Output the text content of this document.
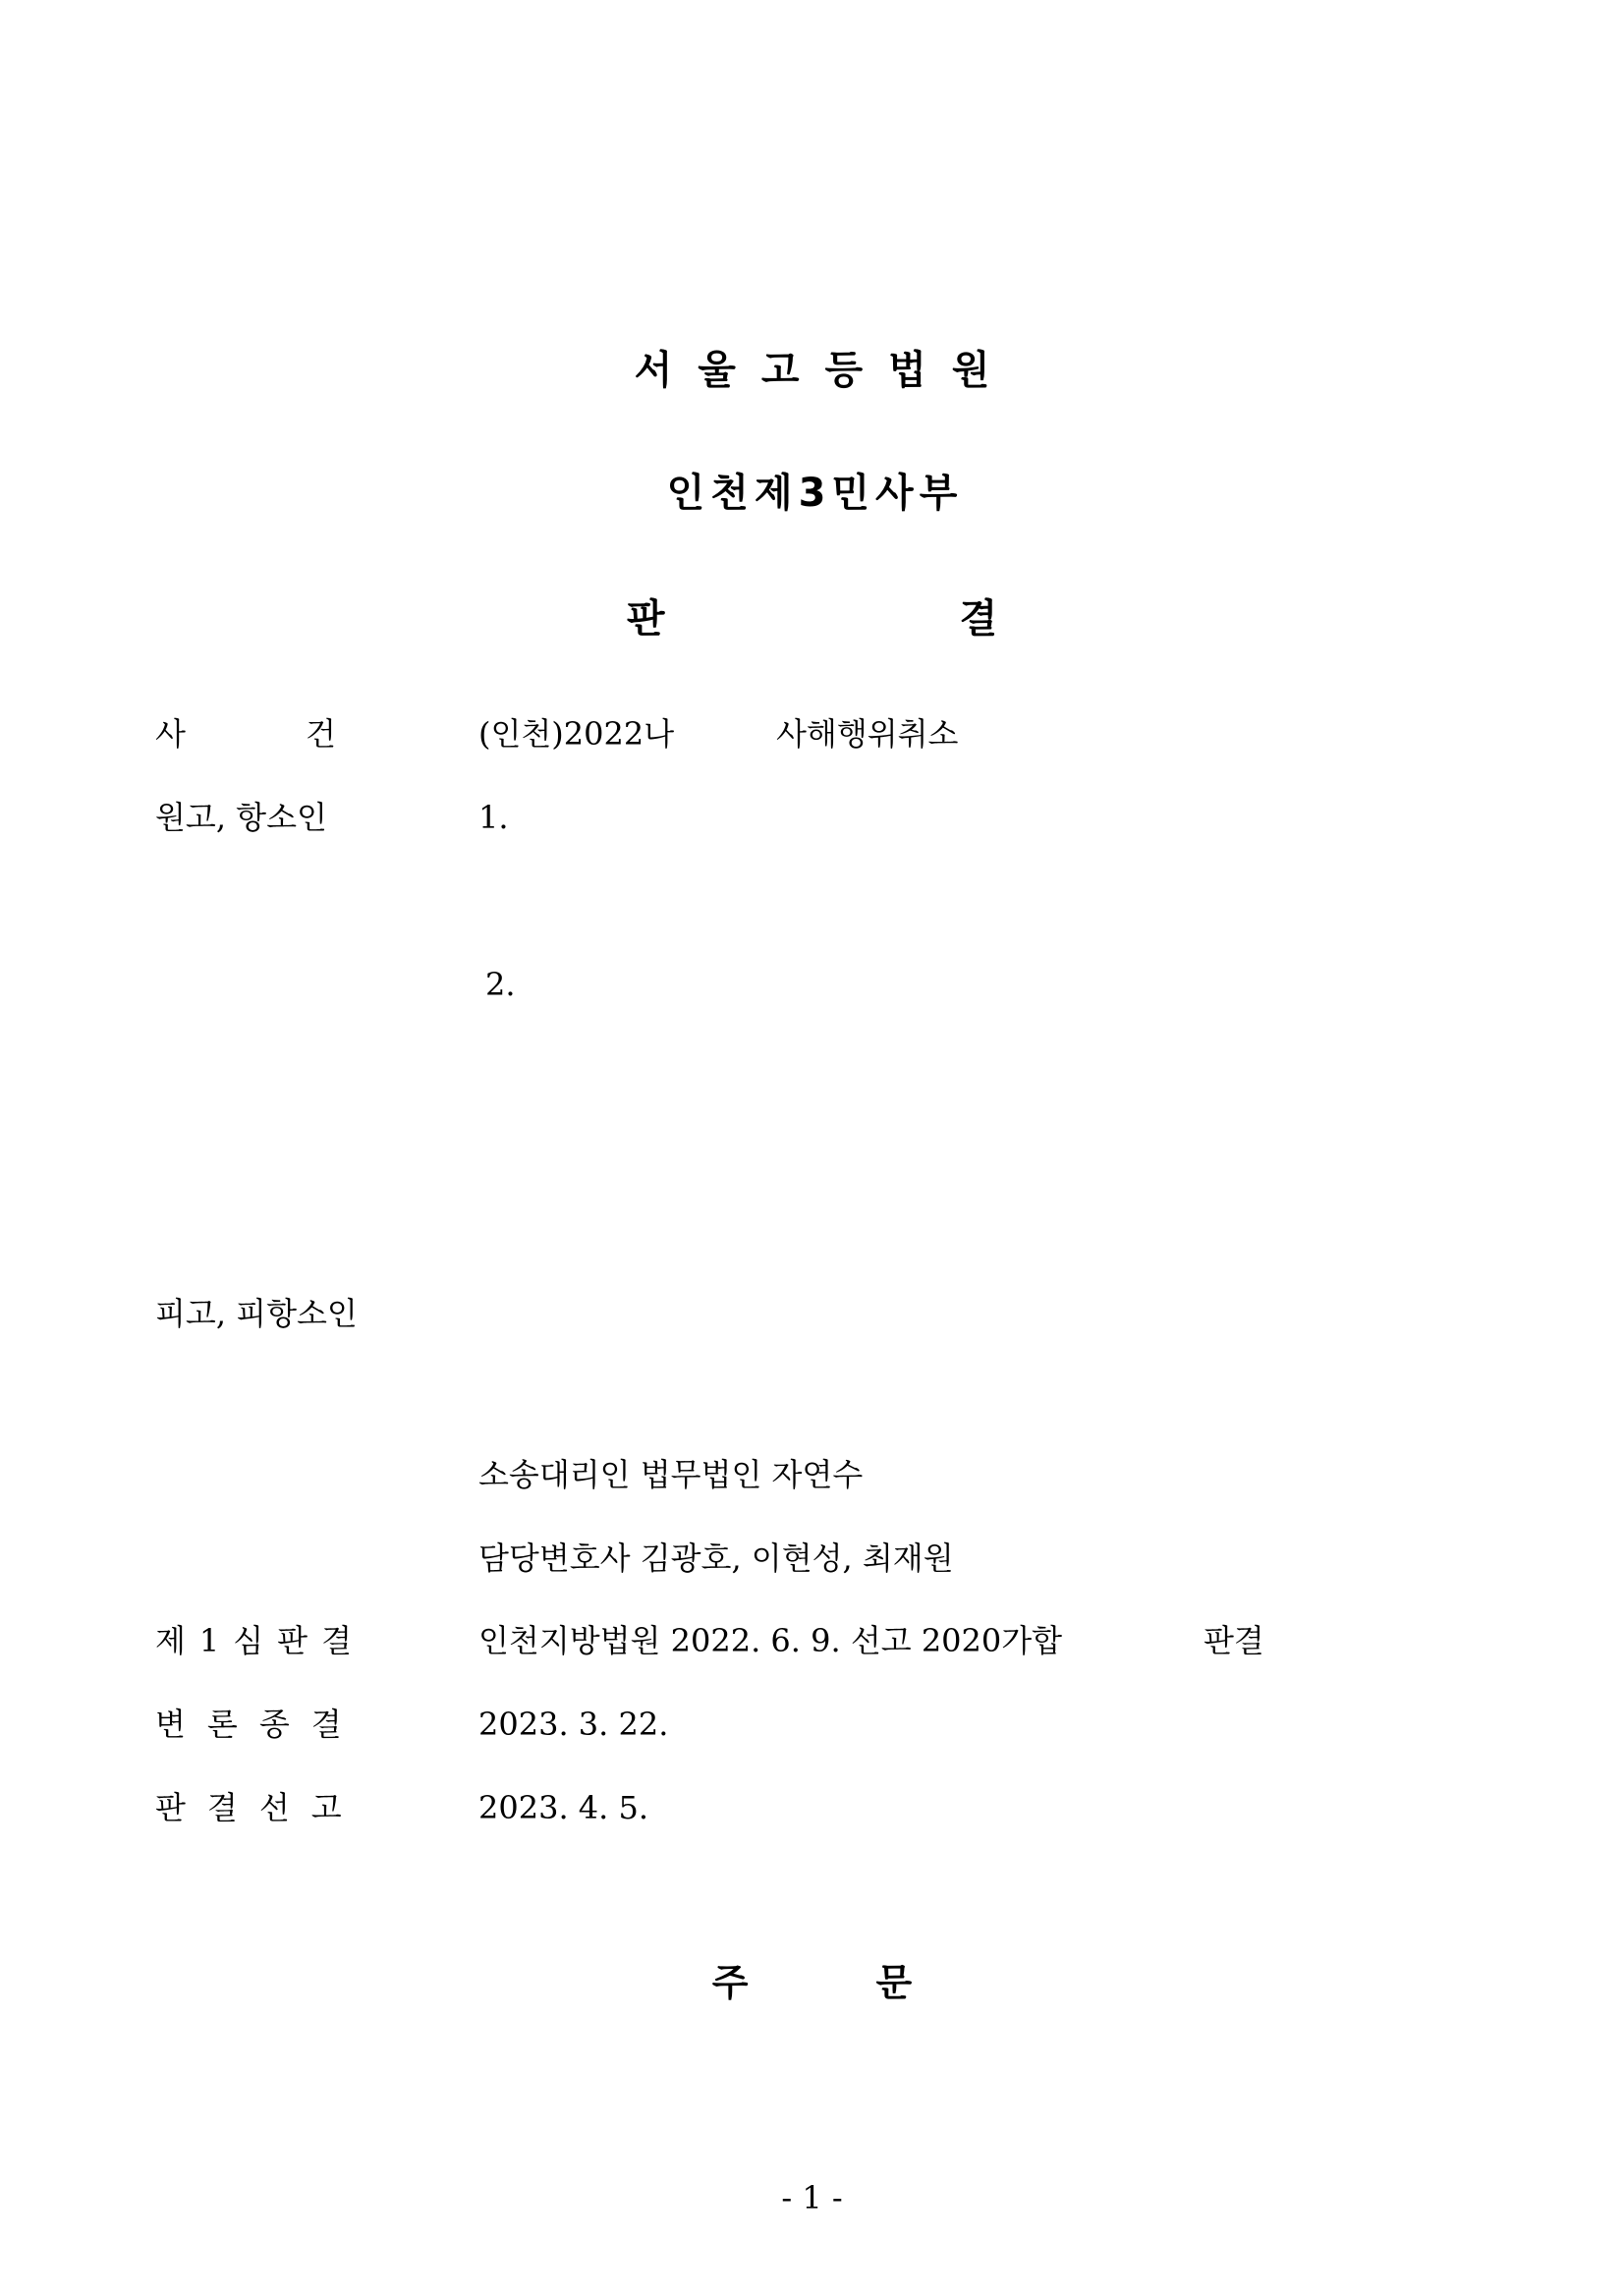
서울고등법원
인천제3민사부
판결
사	건	(인천)2022나	사해행위취소
원고, 항소인	1.
2.
피고, 피항소인
소송대리인 법무법인 자연수
담당변호사 김광호, 이현성, 최재원
제1심판결	인천지방법원 2022. 6. 9. 선고 2020가합	판결
변론종결	2023. 3. 22.
판결선고	2023. 4. 5.
주문
- 1 -
